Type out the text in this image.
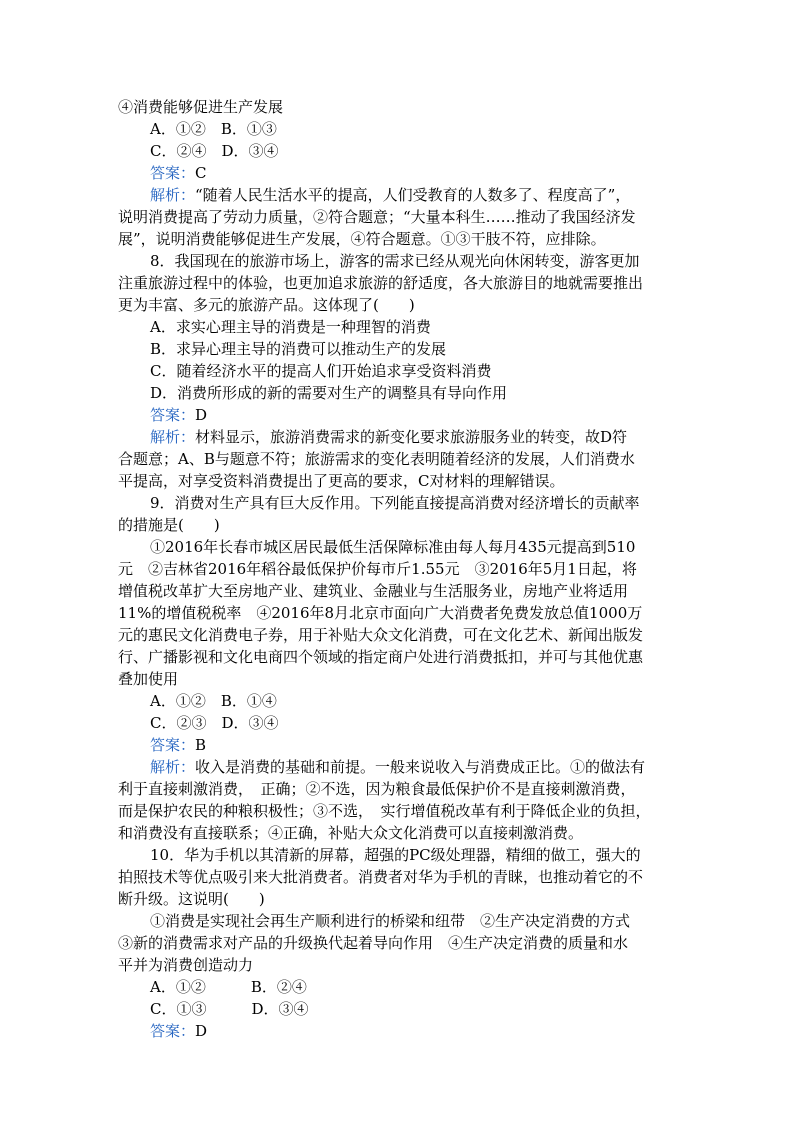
④消费能够促进生产发展
A．①②　B．①③
C．②④　D．③④
答案：C
解析：“随着人民生活水平的提高，人们受教育的人数多了、程度高了”，
说明消费提高了劳动力质量，②符合题意；“大量本科生……推动了我国经济发
展”，说明消费能够促进生产发展，④符合题意。①③干肢不符，应排除。
8．我国现在的旅游市场上，游客的需求已经从观光向休闲转变，游客更加
注重旅游过程中的体验，也更加追求旅游的舒适度，各大旅游目的地就需要推出
更为丰富、多元的旅游产品。这体现了(　　)
A．求实心理主导的消费是一种理智的消费
B．求异心理主导的消费可以推动生产的发展
C．随着经济水平的提高人们开始追求享受资料消费
D．消费所形成的新的需要对生产的调整具有导向作用
答案：D
解析：材料显示，旅游消费需求的新变化要求旅游服务业的转变，故D符
合题意；A、B与题意不符；旅游需求的变化表明随着经济的发展，人们消费水
平提高，对享受资料消费提出了更高的要求，C对材料的理解错误。
9．消费对生产具有巨大反作用。下列能直接提高消费对经济增长的贡献率
的措施是(　　)
①2016年长春市城区居民最低生活保障标准由每人每月435元提高到510
元　②吉林省2016年稻谷最低保护价每市斤1.55元　③2016年5月1日起，将
增值税改革扩大至房地产业、建筑业、金融业与生活服务业，房地产业将适用
11%的增值税税率　④2016年8月北京市面向广大消费者免费发放总值1000万
元的惠民文化消费电子券，用于补贴大众文化消费，可在文化艺术、新闻出版发
行、广播影视和文化电商四个领域的指定商户处进行消费抵扣，并可与其他优惠
叠加使用
A．①②　B．①④
C．②③　D．③④
答案：B
解析：收入是消费的基础和前提。一般来说收入与消费成正比。①的做法有
利于直接刺激消费，　正确；②不选，因为粮食最低保护价不是直接刺激消费，
而是保护农民的种粮积极性；③不选，　实行增值税改革有利于降低企业的负担，
和消费没有直接联系；④正确，补贴大众文化消费可以直接刺激消费。
10．华为手机以其清新的屏幕，超强的PC级处理器，精细的做工，强大的
拍照技术等优点吸引来大批消费者。消费者对华为手机的青睐，也推动着它的不
断升级。这说明(　　)
①消费是实现社会再生产顺利进行的桥梁和纽带　②生产决定消费的方式
③新的消费需求对产品的升级换代起着导向作用　④生产决定消费的质量和水
平并为消费创造动力
A．①②　　　B．②④
C．①③　　　D．③④
答案：D
